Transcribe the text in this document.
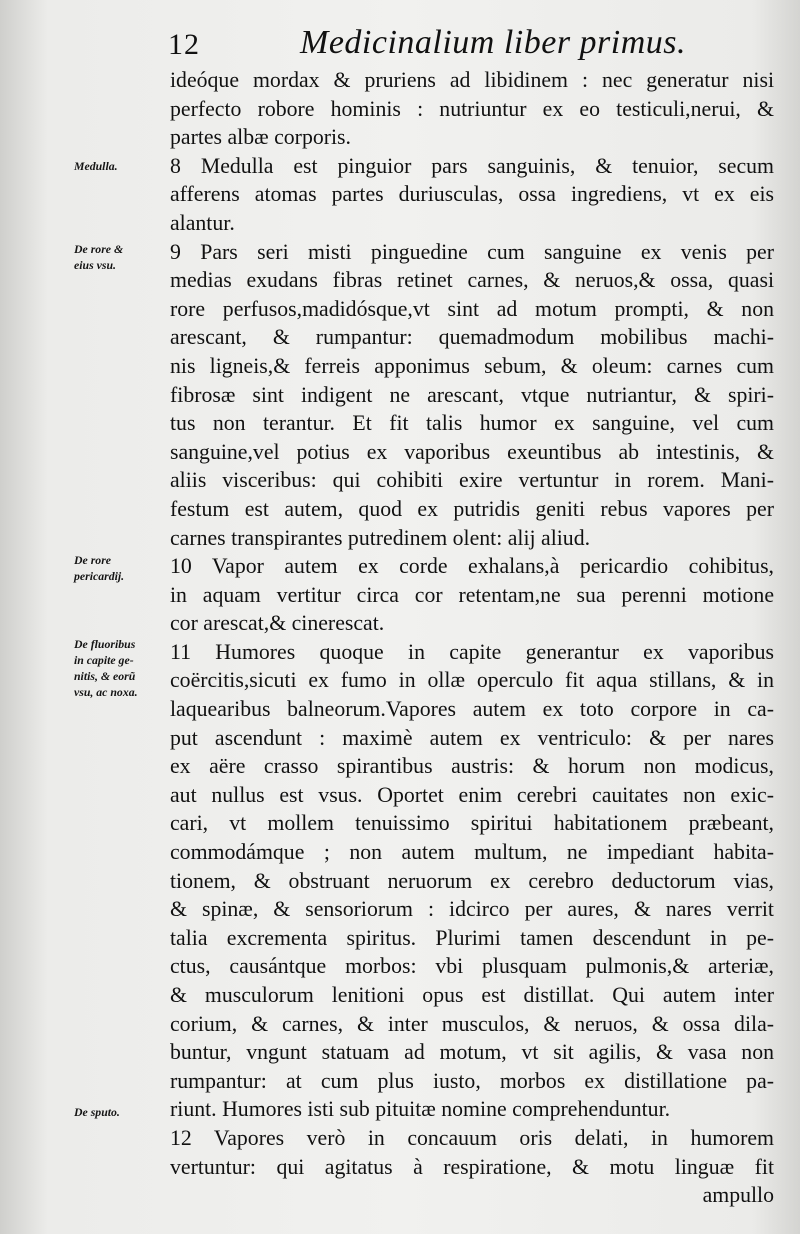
12	Medicinalium liber primus.
Medulla.
De rore &
eius vsu.
De rore
pericardij.
De fluoribus
in capite ge-
nitis, & eorũ
vsu, ac noxa.
De sputo.
ideóque mordax & pruriens ad libidinem : nec generatur nisi
perfecto robore hominis : nutriuntur ex eo testiculi,nerui, &
partes albæ corporis.
8 Medulla est pinguior pars sanguinis, & tenuior, secum
afferens atomas partes duriusculas, ossa ingrediens, vt ex eis
alantur.
9 Pars seri misti pinguedine cum sanguine ex venis per
medias exudans fibras retinet carnes, & neruos,& ossa, quasi
rore perfusos,madidósque,vt sint ad motum prompti, & non
arescant, & rumpantur: quemadmodum mobilibus machi-
nis ligneis,& ferreis apponimus sebum, & oleum: carnes cum
fibrosæ sint indigent ne arescant, vtque nutriantur, & spiri-
tus non terantur. Et fit talis humor ex sanguine, vel cum
sanguine,vel potius ex vaporibus exeuntibus ab intestinis, &
aliis visceribus: qui cohibiti exire vertuntur in rorem. Mani-
festum est autem, quod ex putridis geniti rebus vapores per
carnes transpirantes putredinem olent: alij aliud.
10 Vapor autem ex corde exhalans,à pericardio cohibitus,
in aquam vertitur circa cor retentam,ne sua perenni motione
cor arescat,& cinerescat.
11 Humores quoque in capite generantur ex vaporibus
coërcitis,sicuti ex fumo in ollæ operculo fit aqua stillans, & in
laquearibus balneorum.Vapores autem ex toto corpore in ca-
put ascendunt : maximè autem ex ventriculo: & per nares
ex aëre crasso spirantibus austris: & horum non modicus,
aut nullus est vsus. Oportet enim cerebri cauitates non exic-
cari, vt mollem tenuissimo spiritui habitationem præbeant,
commodámque ; non autem multum, ne impediant habita-
tionem, & obstruant neruorum ex cerebro deductorum vias,
& spinæ, & sensoriorum : idcirco per aures, & nares verrit
talia excrementa spiritus. Plurimi tamen descendunt in pe-
ctus, causántque morbos: vbi plusquam pulmonis,& arteriæ,
& musculorum lenitioni opus est distillat. Qui autem inter
corium, & carnes, & inter musculos, & neruos, & ossa dila-
buntur, vngunt statuam ad motum, vt sit agilis, & vasa non
rumpantur: at cum plus iusto, morbos ex distillatione pa-
riunt. Humores isti sub pituitæ nomine comprehenduntur.
12 Vapores verò in concauum oris delati, in humorem
vertuntur: qui agitatus à respiratione, & motu linguæ fit
ampullo
